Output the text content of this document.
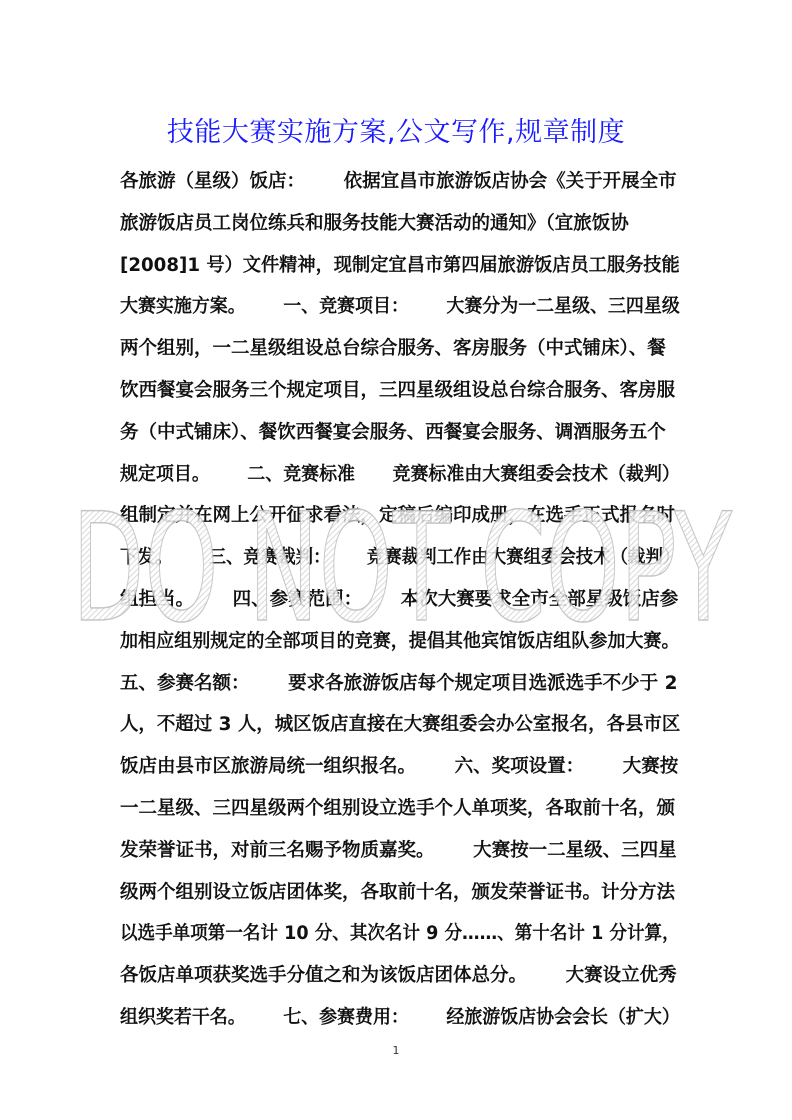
技能大赛实施方案,公文写作,规章制度
各旅游（星级）饭店：      依据宜昌市旅游饭店协会《关于开展全市
旅游饭店员工岗位练兵和服务技能大赛活动的通知》（宜旅饭协
[2008]1 号）文件精神，现制定宜昌市第四届旅游饭店员工服务技能
大赛实施方案。      一、竞赛项目：      大赛分为一二星级、三四星级
两个组别，一二星级组设总台综合服务、客房服务（中式铺床）、餐
饮西餐宴会服务三个规定项目，三四星级组设总台综合服务、客房服
务（中式铺床）、餐饮西餐宴会服务、西餐宴会服务、调酒服务五个
规定项目。      二、竞赛标准      竞赛标准由大赛组委会技术（裁判）
组制定并在网上公开征求看法，定稿后编印成册，在选手正式报名时
下发。      三、竞赛裁判：      竞赛裁判工作由大赛组委会技术（裁判）
组担当。      四、参赛范围：      本次大赛要求全市全部星级饭店参
加相应组别规定的全部项目的竞赛，提倡其他宾馆饭店组队参加大赛。
五、参赛名额：      要求各旅游饭店每个规定项目选派选手不少于 2
人，不超过 3 人，城区饭店直接在大赛组委会办公室报名，各县市区
饭店由县市区旅游局统一组织报名。      六、奖项设置：      大赛按
一二星级、三四星级两个组别设立选手个人单项奖，各取前十名，颁
发荣誉证书，对前三名赐予物质嘉奖。      大赛按一二星级、三四星
级两个组别设立饭店团体奖，各取前十名，颁发荣誉证书。计分方法
以选手单项第一名计 10 分、其次名计 9 分……、第十名计 1 分计算，
各饭店单项获奖选手分值之和为该饭店团体总分。      大赛设立优秀
组织奖若干名。      七、参赛费用：      经旅游饭店协会会长（扩大）
DO NOT COPY
1
